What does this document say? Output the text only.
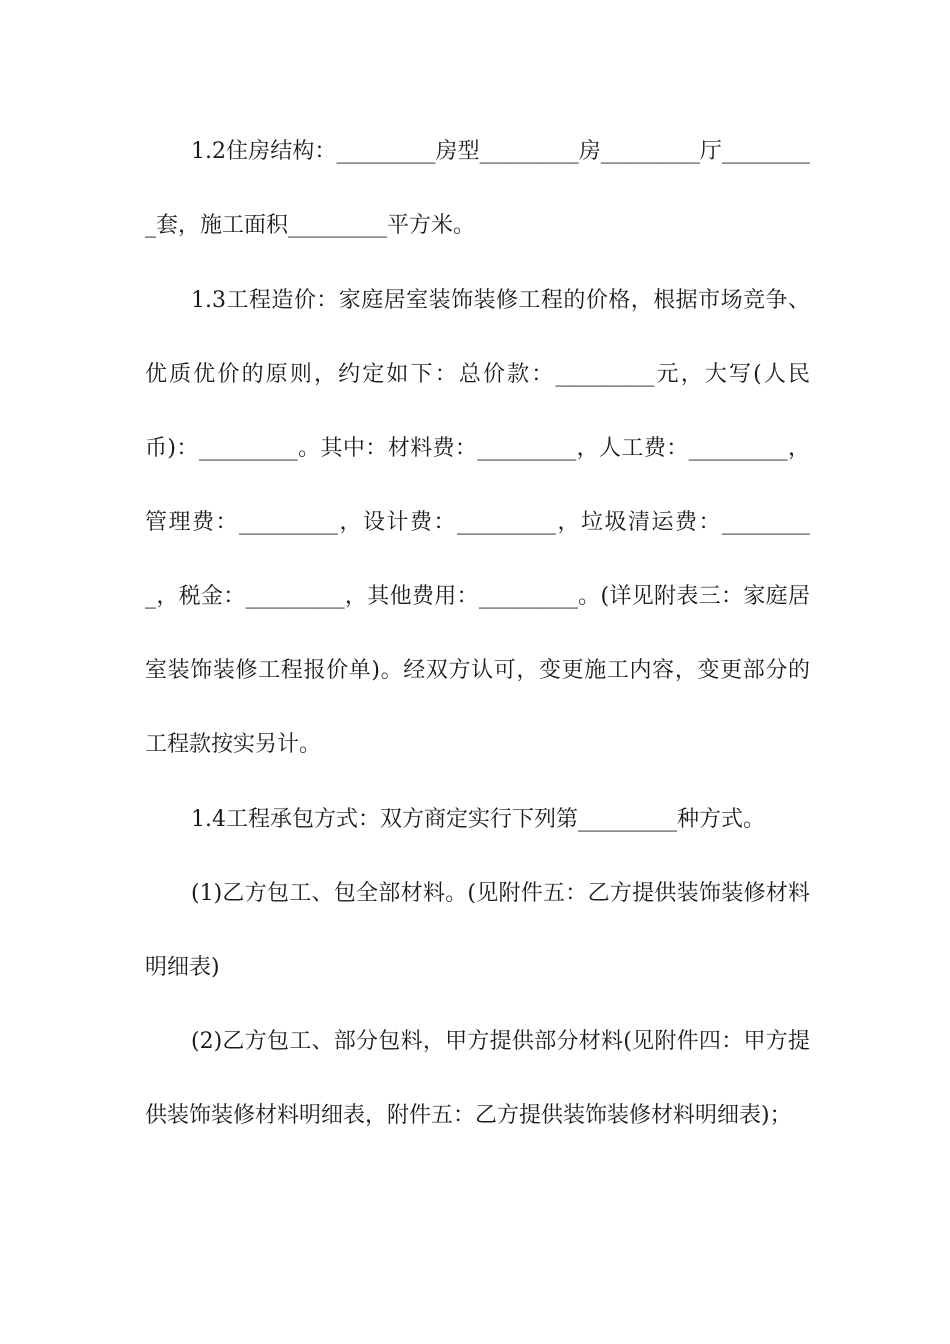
1.2住房结构：_________房型_________房_________厅_________套，施工面积_________平方米。

1.3工程造价：家庭居室装饰装修工程的价格，根据市场竞争、优质优价的原则，约定如下：总价款：_________元，大写(人民币)：_________。其中：材料费：_________，人工费：_________，管理费：_________，设计费：_________，垃圾清运费：_________，税金：_________，其他费用：_________。(详见附表三：家庭居室装饰装修工程报价单)。经双方认可，变更施工内容，变更部分的工程款按实另计。

1.4工程承包方式：双方商定实行下列第_________种方式。

(1)乙方包工、包全部材料。(见附件五：乙方提供装饰装修材料明细表)

(2)乙方包工、部分包料，甲方提供部分材料(见附件四：甲方提供装饰装修材料明细表，附件五：乙方提供装饰装修材料明细表)；
